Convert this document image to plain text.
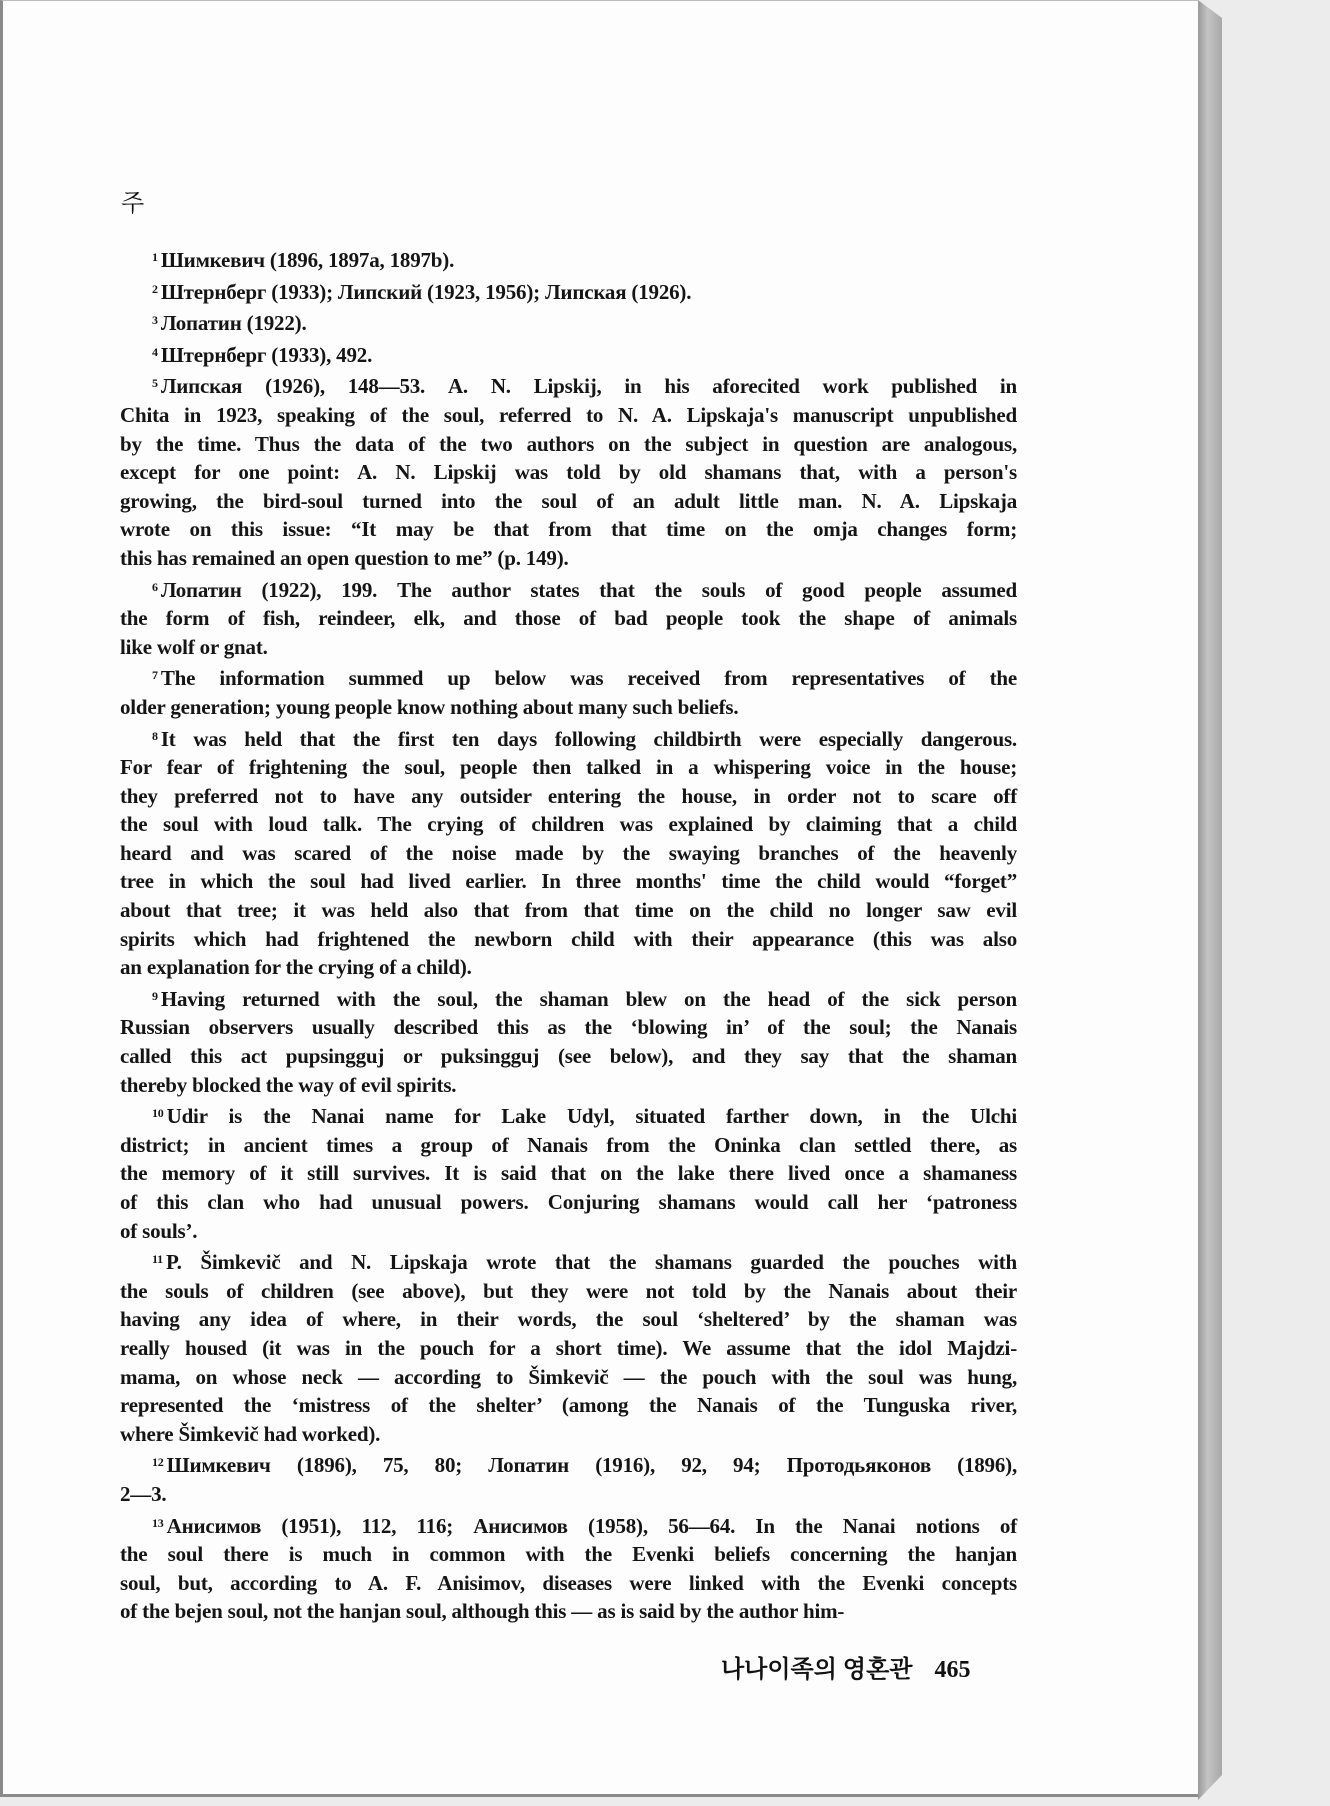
주
$^1$ Шимкевич (1896, 1897a, 1897b).
$^2$ Штернберг (1933); Липский (1923, 1956); Липская (1926).
$^3$ Лопатин (1922).
$^4$ Штернберг (1933), 492.
$^5$ Липская (1926), 148—53. A. N. Lipskij, in his aforecited work published in
Chita in 1923, speaking of the soul, referred to N. A. Lipskaja's manuscript unpublished
by the time. Thus the data of the two authors on the subject in question are analogous,
except for one point: A. N. Lipskij was told by old shamans that, with a person's
growing, the bird-soul turned into the soul of an adult little man. N. A. Lipskaja
wrote on this issue: “It may be that from that time on the omja changes form;
this has remained an open question to me” (p. 149).
$^6$ Лопатин (1922), 199. The author states that the souls of good people assumed
the form of fish, reindeer, elk, and those of bad people took the shape of animals
like wolf or gnat.
$^7$ The information summed up below was received from representatives of the
older generation; young people know nothing about many such beliefs.
$^8$ It was held that the first ten days following childbirth were especially dangerous.
For fear of frightening the soul, people then talked in a whispering voice in the house;
they preferred not to have any outsider entering the house, in order not to scare off
the soul with loud talk. The crying of children was explained by claiming that a child
heard and was scared of the noise made by the swaying branches of the heavenly
tree in which the soul had lived earlier. In three months' time the child would “forget”
about that tree; it was held also that from that time on the child no longer saw evil
spirits which had frightened the newborn child with their appearance (this was also
an explanation for the crying of a child).
$^9$ Having returned with the soul, the shaman blew on the head of the sick person
Russian observers usually described this as the ‘blowing in’ of the soul; the Nanais
called this act pupsingguj or puksingguj (see below), and they say that the shaman
thereby blocked the way of evil spirits.
$^{10}$ Udir is the Nanai name for Lake Udyl, situated farther down, in the Ulchi
district; in ancient times a group of Nanais from the Oninka clan settled there, as
the memory of it still survives. It is said that on the lake there lived once a shamaness
of this clan who had unusual powers. Conjuring shamans would call her ‘patroness
of souls’.
$^{11}$ P. Šimkevič and N. Lipskaja wrote that the shamans guarded the pouches with
the souls of children (see above), but they were not told by the Nanais about their
having any idea of where, in their words, the soul ‘sheltered’ by the shaman was
really housed (it was in the pouch for a short time). We assume that the idol Majdzi-
mama, on whose neck — according to Šimkevič — the pouch with the soul was hung,
represented the ‘mistress of the shelter’ (among the Nanais of the Tunguska river,
where Šimkevič had worked).
$^{12}$ Шимкевич (1896), 75, 80; Лопатин (1916), 92, 94; Протодьяконов (1896),
2—3.
$^{13}$ Анисимов (1951), 112, 116; Анисимов (1958), 56—64. In the Nanai notions of
the soul there is much in common with the Evenki beliefs concerning the hanjan
soul, but, according to A. F. Anisimov, diseases were linked with the Evenki concepts
of the bejen soul, not the hanjan soul, although this — as is said by the author him-
나나이족의 영혼관 465
